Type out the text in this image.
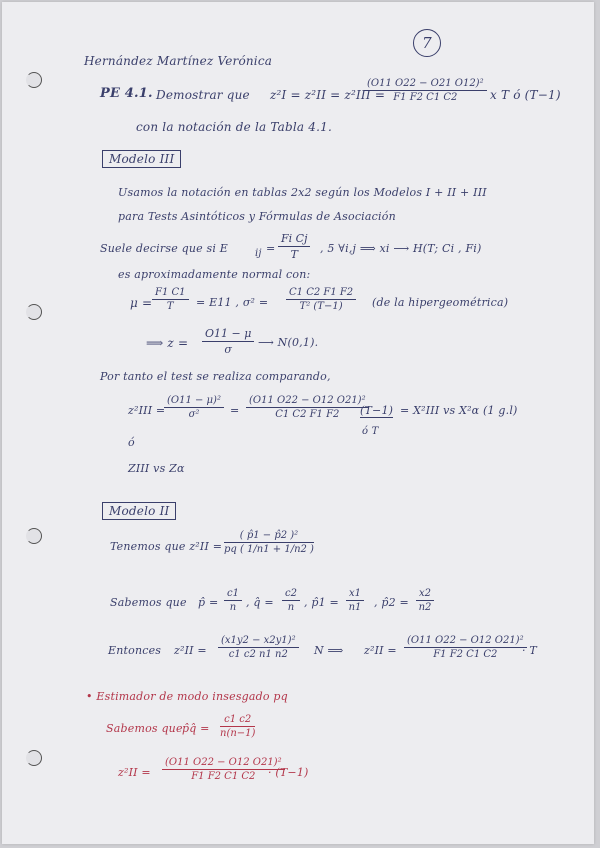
7
Hernández Martínez Verónica
PE 4.1. Demostrar que z²I = z²II = z²III =
$\frac{\text{(O11 O22 − O21 O12)²}}{F1 F2 C1 C2}$ x T ó (T−1)
con la notación de la Tabla 4.1.
Modelo III
Usamos la notación en tablas 2x2 según los Modelos I + II + III
para Tests Asintóticos y Fórmulas de Asociación
Suele decirse que si E	ij = $\frac{\text{Fi Cj}}{T}$ , 5 ∀i,j ⟹ xi ⟶ H(T; Ci , Fi)
es aproximadamente normal con:
$\mu = \frac{F1 C1}{T} = E11$ , $\sigma^2 = \frac{C1 C2 F1 F2}{\text{T² (T−1)}} (de$ la hipergeométrica)
⟹ $z = \frac{O11 - \mu}{\sigma}$ ⟶ N(0,1).
Por tanto el test se realiza comparando,
z²III =
$\frac{\text{(O11 − μ)²}}{\text{σ²}} = \frac{\text{(O11 O22 − O12 O21)²}}{C1 C2 F1 F2}$
(T−1)
ó T
= X²III vs X²α (1 g.l)
ó
ZIII vs Zα
Modelo II
Tenemos que $z^2II = \frac{\text{( p̂1 − p̂2 )²}}{pq ( 1/n1 + 1/n2 )}$
Sabemos que p̂ = $\frac{c1}{n}$ , q̂ = $\frac{c2}{n}$ , p̂1 = $\frac{x1}{n1}$ , p̂2 = $\frac{x2}{n2}$
Entonces $z^2II = \frac{\text{(x1y2 − x2y1)²}}{c1 c2 n1 n2}$ N ⟹ $z^2II = \frac{\text{(O11 O22 − O12 O21)²}}{F1 F2 C1 C2}$
· T
• Estimador de modo insesgado pq
Sabemos que p̂q̂ = $\frac{c1 c2}{n(n-1)}$
$z^2II = \frac{\text{(O11 O22 − O12 O21)²}}{F1 F2 C1 C2}$
· (T−1)
